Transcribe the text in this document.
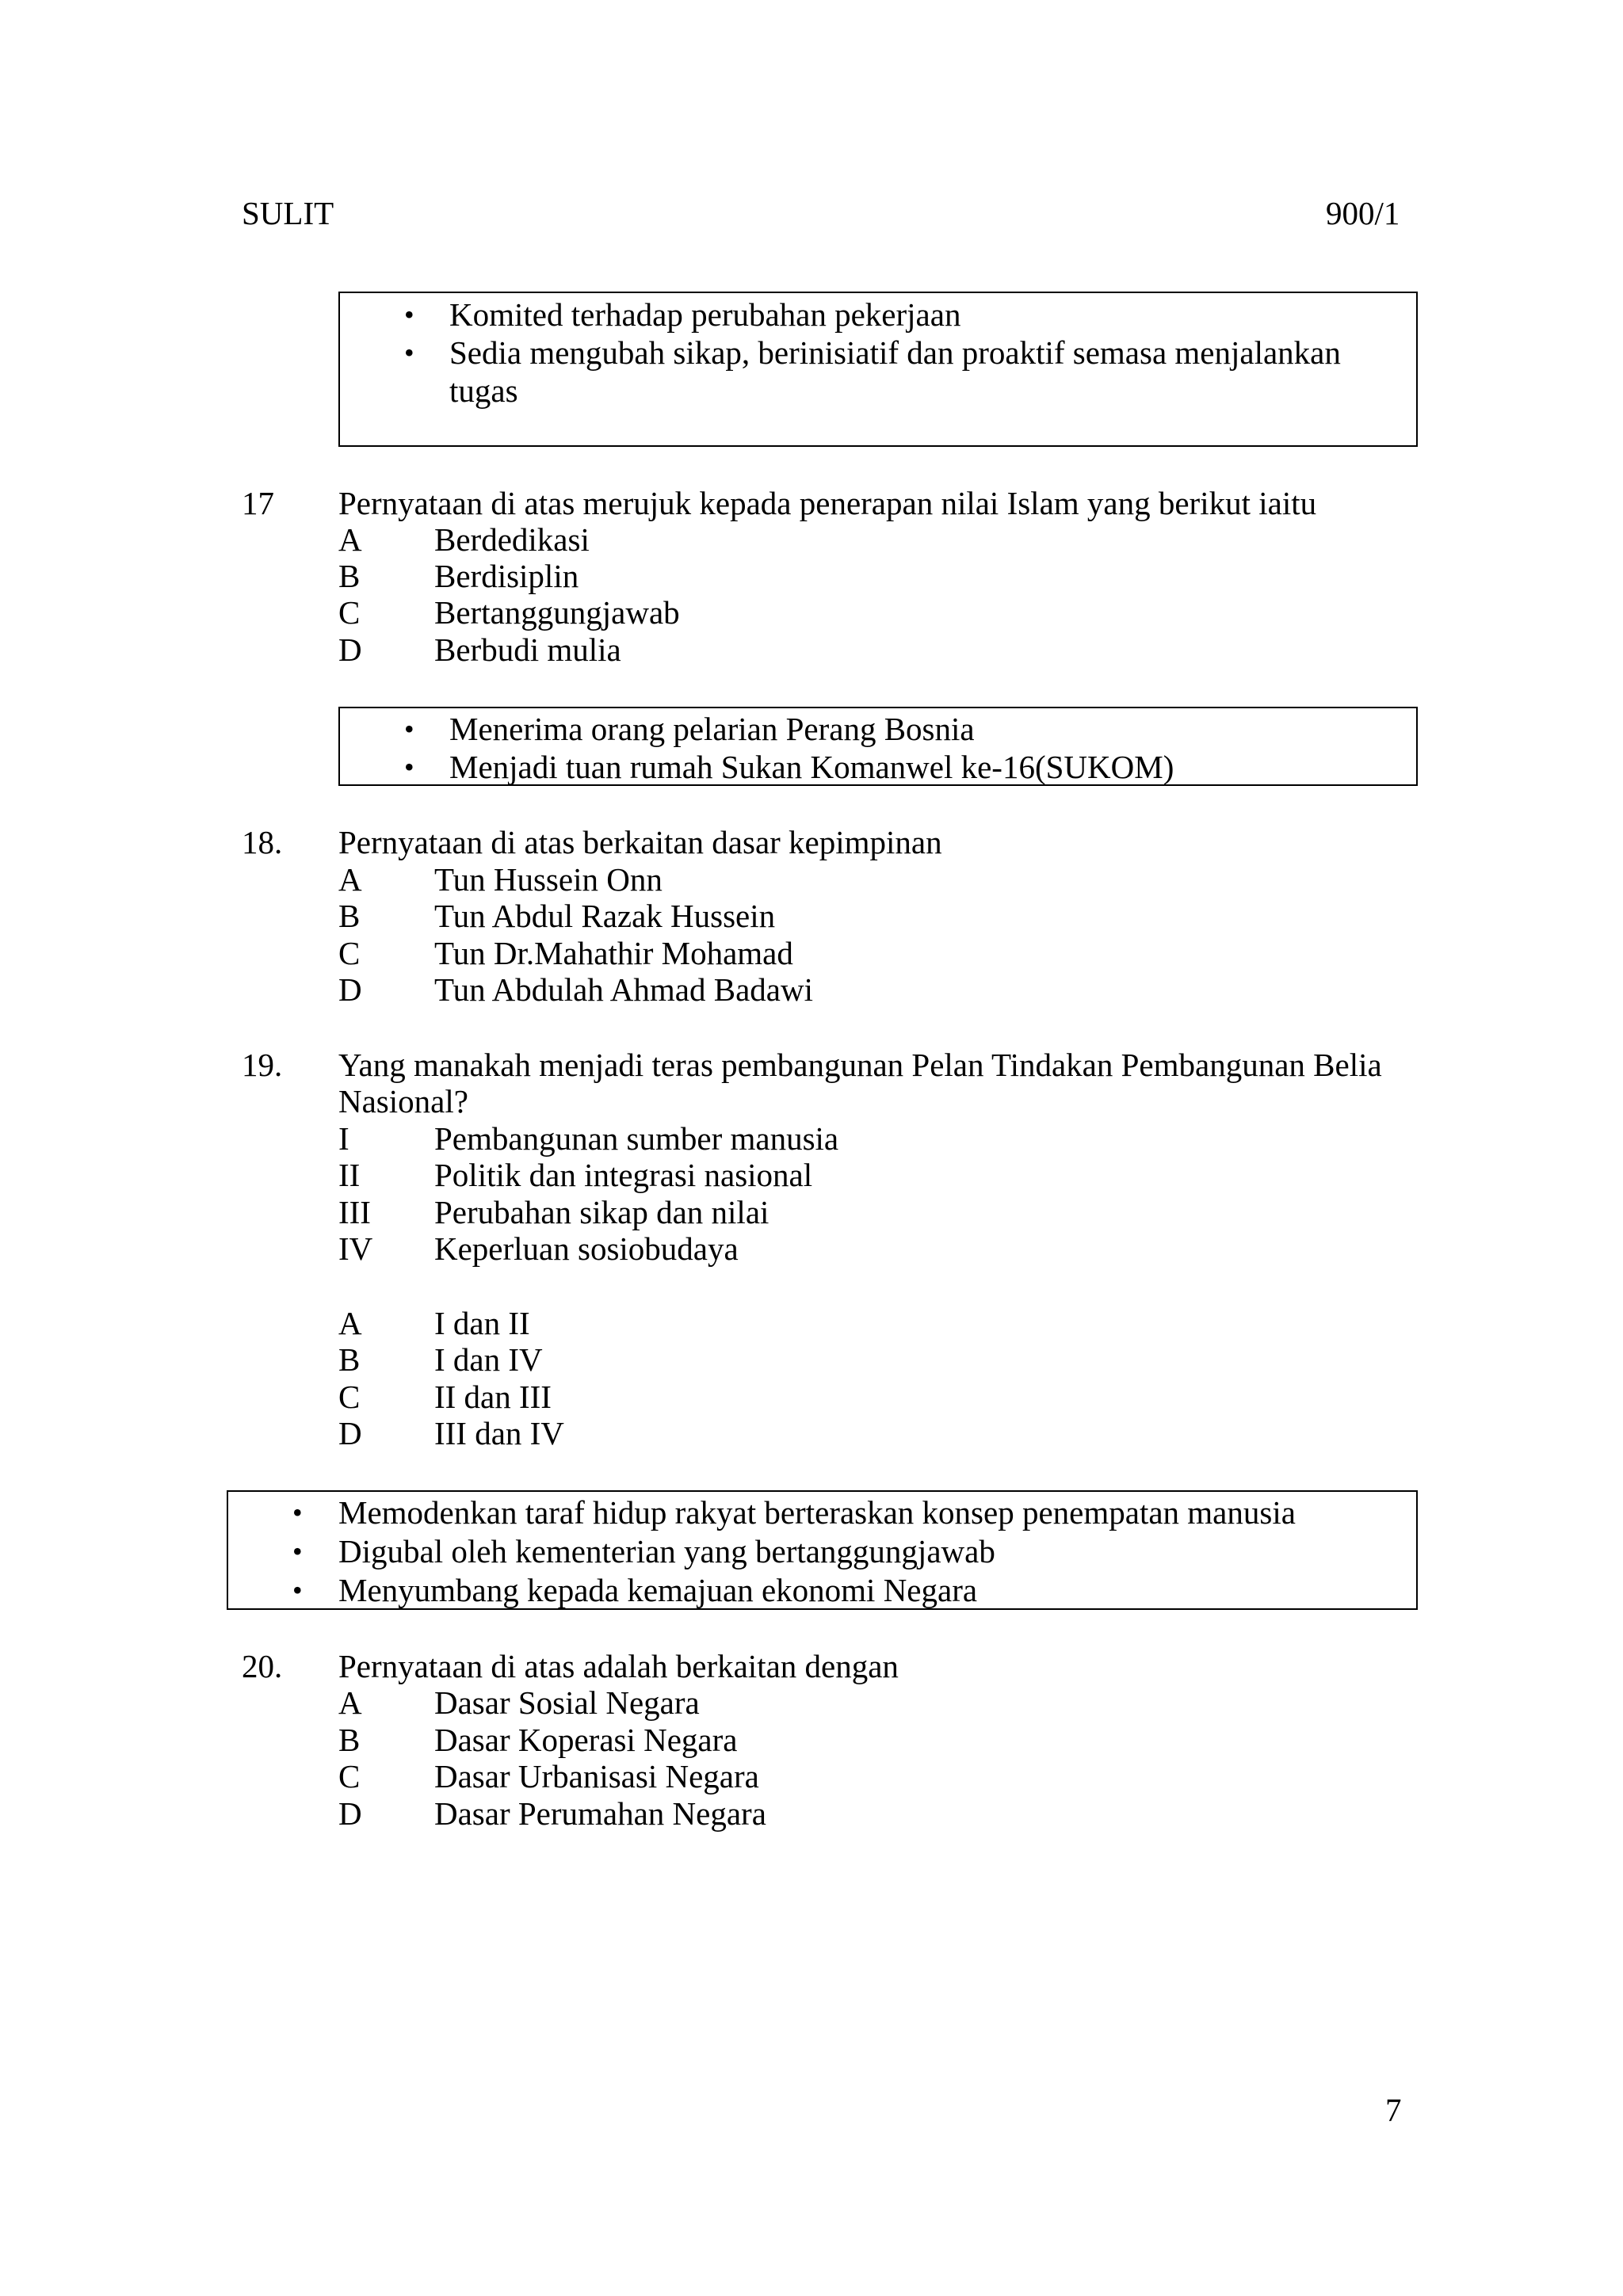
SULIT	900/1
• Komited terhadap perubahan pekerjaan
• Sedia mengubah sikap, berinisiatif dan proaktif semasa menjalankan
tugas
17 Pernyataan di atas merujuk kepada penerapan nilai Islam yang berikut iaitu
A Berdedikasi
B Berdisiplin
C Bertanggungjawab
D Berbudi mulia
• Menerima orang pelarian Perang Bosnia
• Menjadi tuan rumah Sukan Komanwel ke-16(SUKOM)
18. Pernyataan di atas berkaitan dasar kepimpinan
A Tun Hussein Onn
B Tun Abdul Razak Hussein
C Tun Dr.Mahathir Mohamad
D Tun Abdulah Ahmad Badawi
19. Yang manakah menjadi teras pembangunan Pelan Tindakan Pembangunan Belia
Nasional?
I	Pembangunan sumber manusia
II Politik dan integrasi nasional
III Perubahan sikap dan nilai
IV Keperluan sosiobudaya
A I dan II
B I dan IV
C II dan III
D III dan IV
• Memodenkan taraf hidup rakyat berteraskan konsep penempatan manusia
• Digubal oleh kementerian yang bertanggungjawab
• Menyumbang kepada kemajuan ekonomi Negara
20. Pernyataan di atas adalah berkaitan dengan
A Dasar Sosial Negara
B Dasar Koperasi Negara
C Dasar Urbanisasi Negara
D Dasar Perumahan Negara
7
